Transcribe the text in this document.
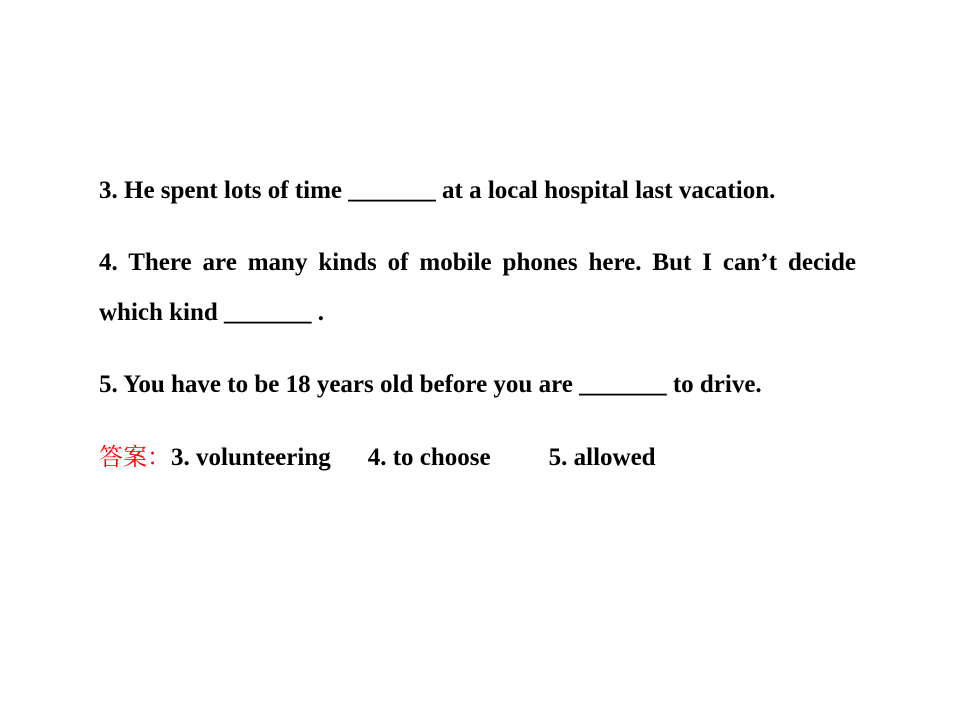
3. He spent lots of time _______ at a local hospital last vacation.

4. There are many kinds of mobile phones here. But I can’t decide which kind _______ .

5. You have to be 18 years old before you are _______ to drive.

答案：3. volunteering 4. to choose 5. allowed
